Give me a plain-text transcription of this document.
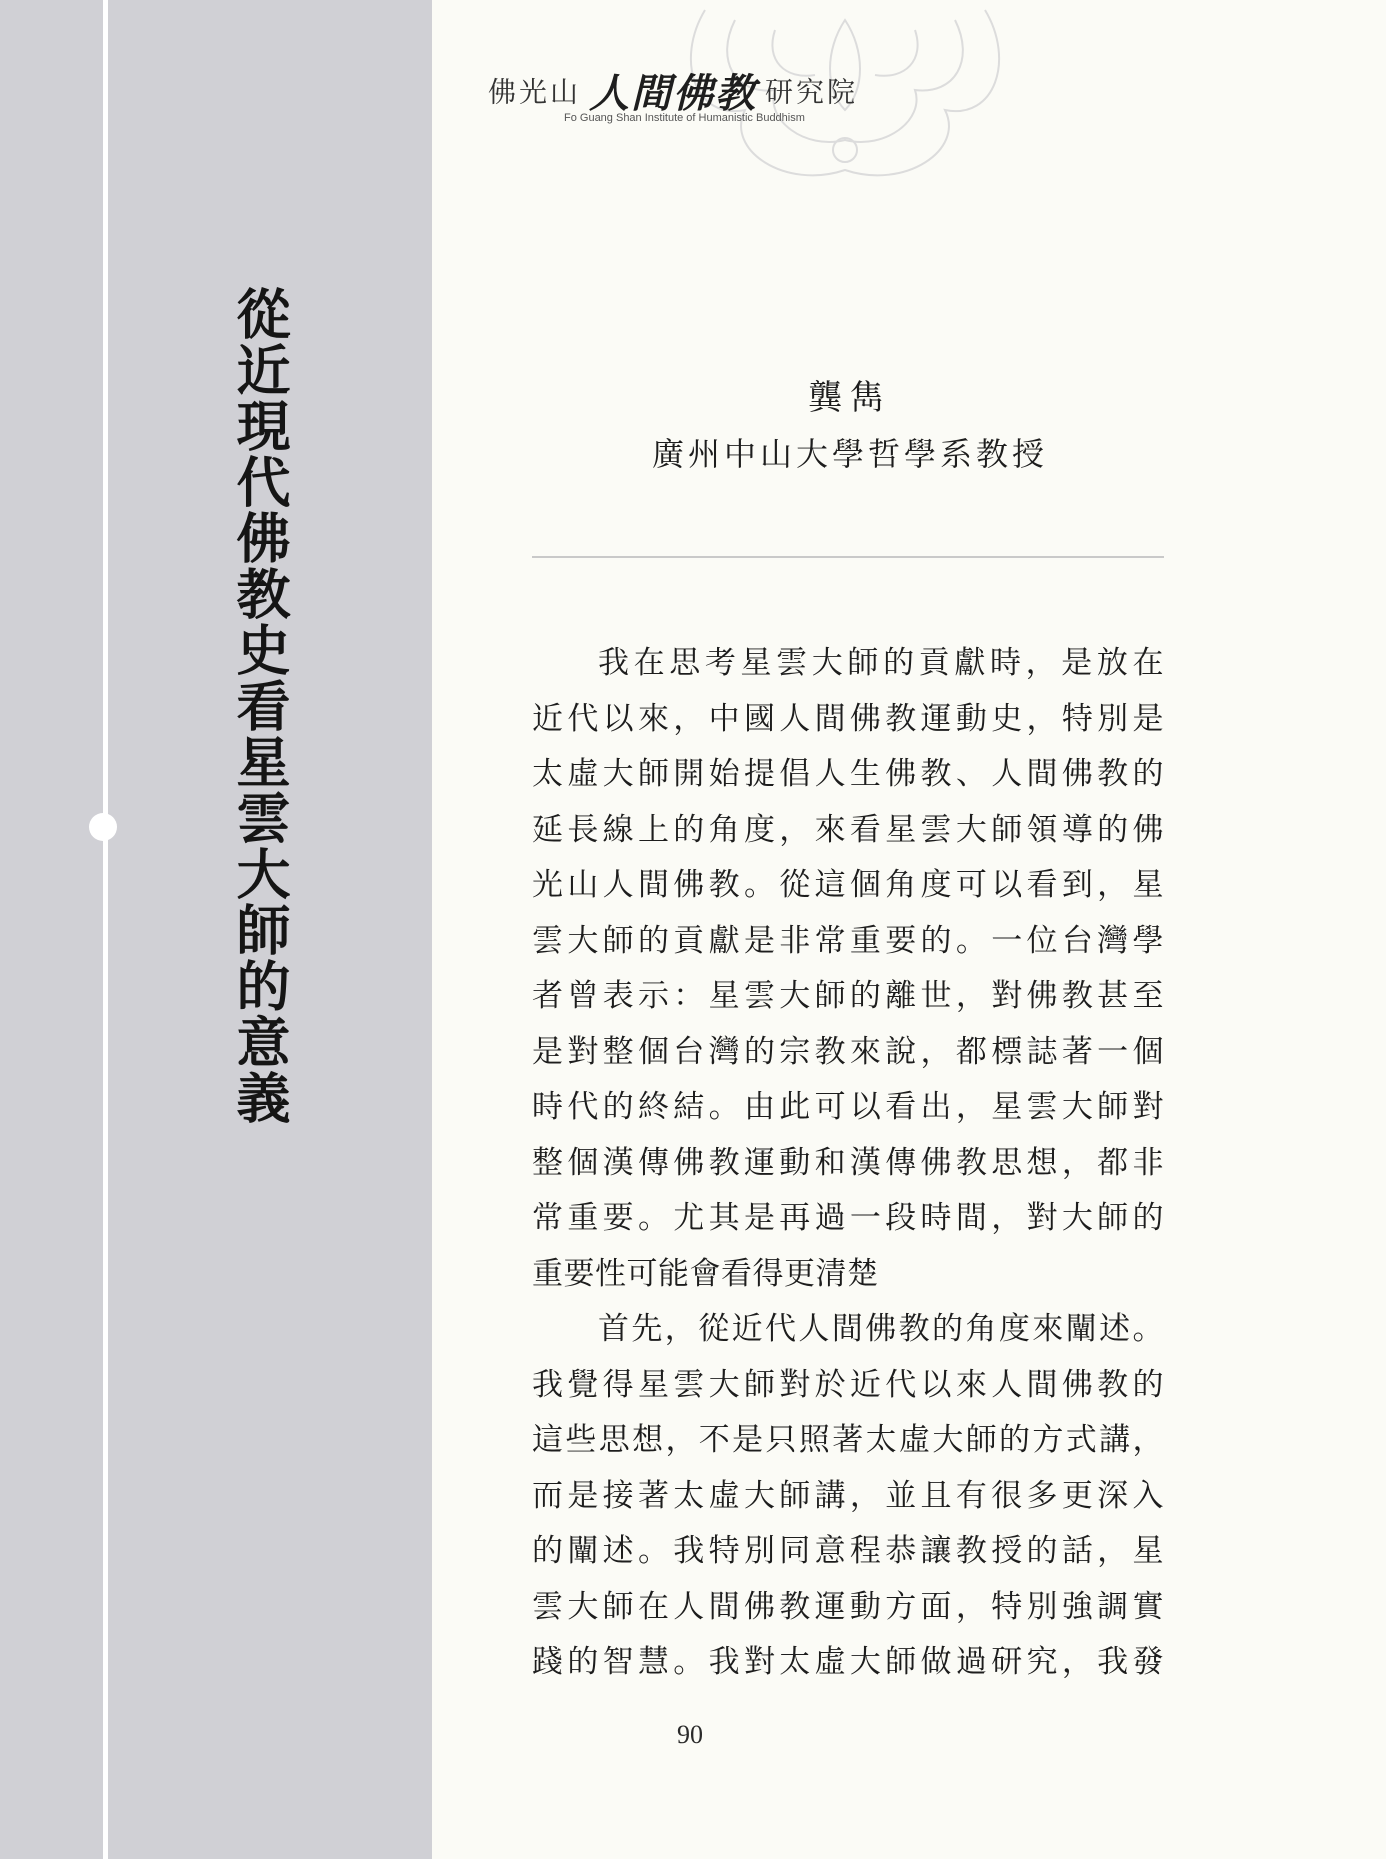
從近現代佛教史看星雲大師的意義
佛光山 人間佛教 研究院
Fo Guang Shan Institute of Humanistic Buddhism
龔雋
廣州中山大學哲學系教授
我在思考星雲大師的貢獻時，是放在
近代以來，中國人間佛教運動史，特別是
太虛大師開始提倡人生佛教、人間佛教的
延長線上的角度，來看星雲大師領導的佛
光山人間佛教。從這個角度可以看到，星
雲大師的貢獻是非常重要的。一位台灣學
者曾表示：星雲大師的離世，對佛教甚至
是對整個台灣的宗教來說，都標誌著一個
時代的終結。由此可以看出，星雲大師對
整個漢傳佛教運動和漢傳佛教思想，都非
常重要。尤其是再過一段時間，對大師的
重要性可能會看得更清楚
首先，從近代人間佛教的角度來闡述。
我覺得星雲大師對於近代以來人間佛教的
這些思想，不是只照著太虛大師的方式講，
而是接著太虛大師講，並且有很多更深入
的闡述。我特別同意程恭讓教授的話，星
雲大師在人間佛教運動方面，特別強調實
踐的智慧。我對太虛大師做過研究，我發
90
